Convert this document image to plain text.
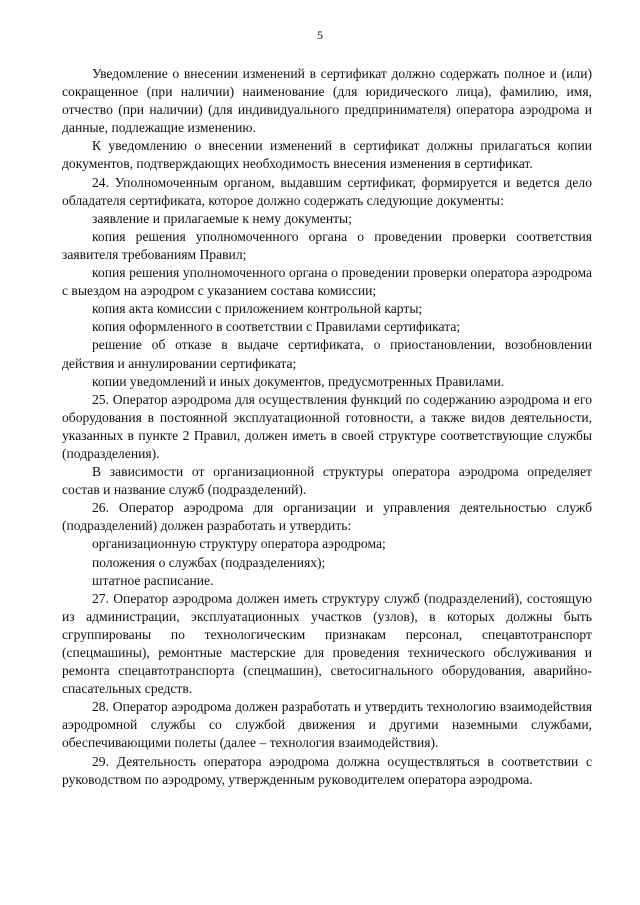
5

Уведомление о внесении изменений в сертификат должно содержать полное и (или) сокращенное (при наличии) наименование (для юридического лица), фамилию, имя, отчество (при наличии) (для индивидуального предпринимателя) оператора аэродрома и данные, подлежащие изменению.

К уведомлению о внесении изменений в сертификат должны прилагаться копии документов, подтверждающих необходимость внесения изменения в сертификат.

24. Уполномоченным органом, выдавшим сертификат, формируется и ведется дело обладателя сертификата, которое должно содержать следующие документы:

заявление и прилагаемые к нему документы;

копия решения уполномоченного органа о проведении проверки соответствия заявителя требованиям Правил;

копия решения уполномоченного органа о проведении проверки оператора аэродрома с выездом на аэродром с указанием состава комиссии;

копия акта комиссии с приложением контрольной карты;

копия оформленного в соответствии с Правилами сертификата;

решение об отказе в выдаче сертификата, о приостановлении, возобновлении действия и аннулировании сертификата;

копии уведомлений и иных документов, предусмотренных Правилами.

25. Оператор аэродрома для осуществления функций по содержанию аэродрома и его оборудования в постоянной эксплуатационной готовности, а также видов деятельности, указанных в пункте 2 Правил, должен иметь в своей структуре соответствующие службы (подразделения).

В зависимости от организационной структуры оператора аэродрома определяет состав и название служб (подразделений).

26. Оператор аэродрома для организации и управления деятельностью служб (подразделений) должен разработать и утвердить:

организационную структуру оператора аэродрома;

положения о службах (подразделениях);

штатное расписание.

27. Оператор аэродрома должен иметь структуру служб (подразделений), состоящую из администрации, эксплуатационных участков (узлов), в которых должны быть сгруппированы по технологическим признакам персонал, спецавтотранспорт (спецмашины), ремонтные мастерские для проведения технического обслуживания и ремонта спецавтотранспорта (спецмашин), светосигнального оборудования, аварийно-спасательных средств.

28. Оператор аэродрома должен разработать и утвердить технологию взаимодействия аэродромной службы со службой движения и другими наземными службами, обеспечивающими полеты (далее – технология взаимодействия).

29. Деятельность оператора аэродрома должна осуществляться в соответствии с руководством по аэродрому, утвержденным руководителем оператора аэродрома.
